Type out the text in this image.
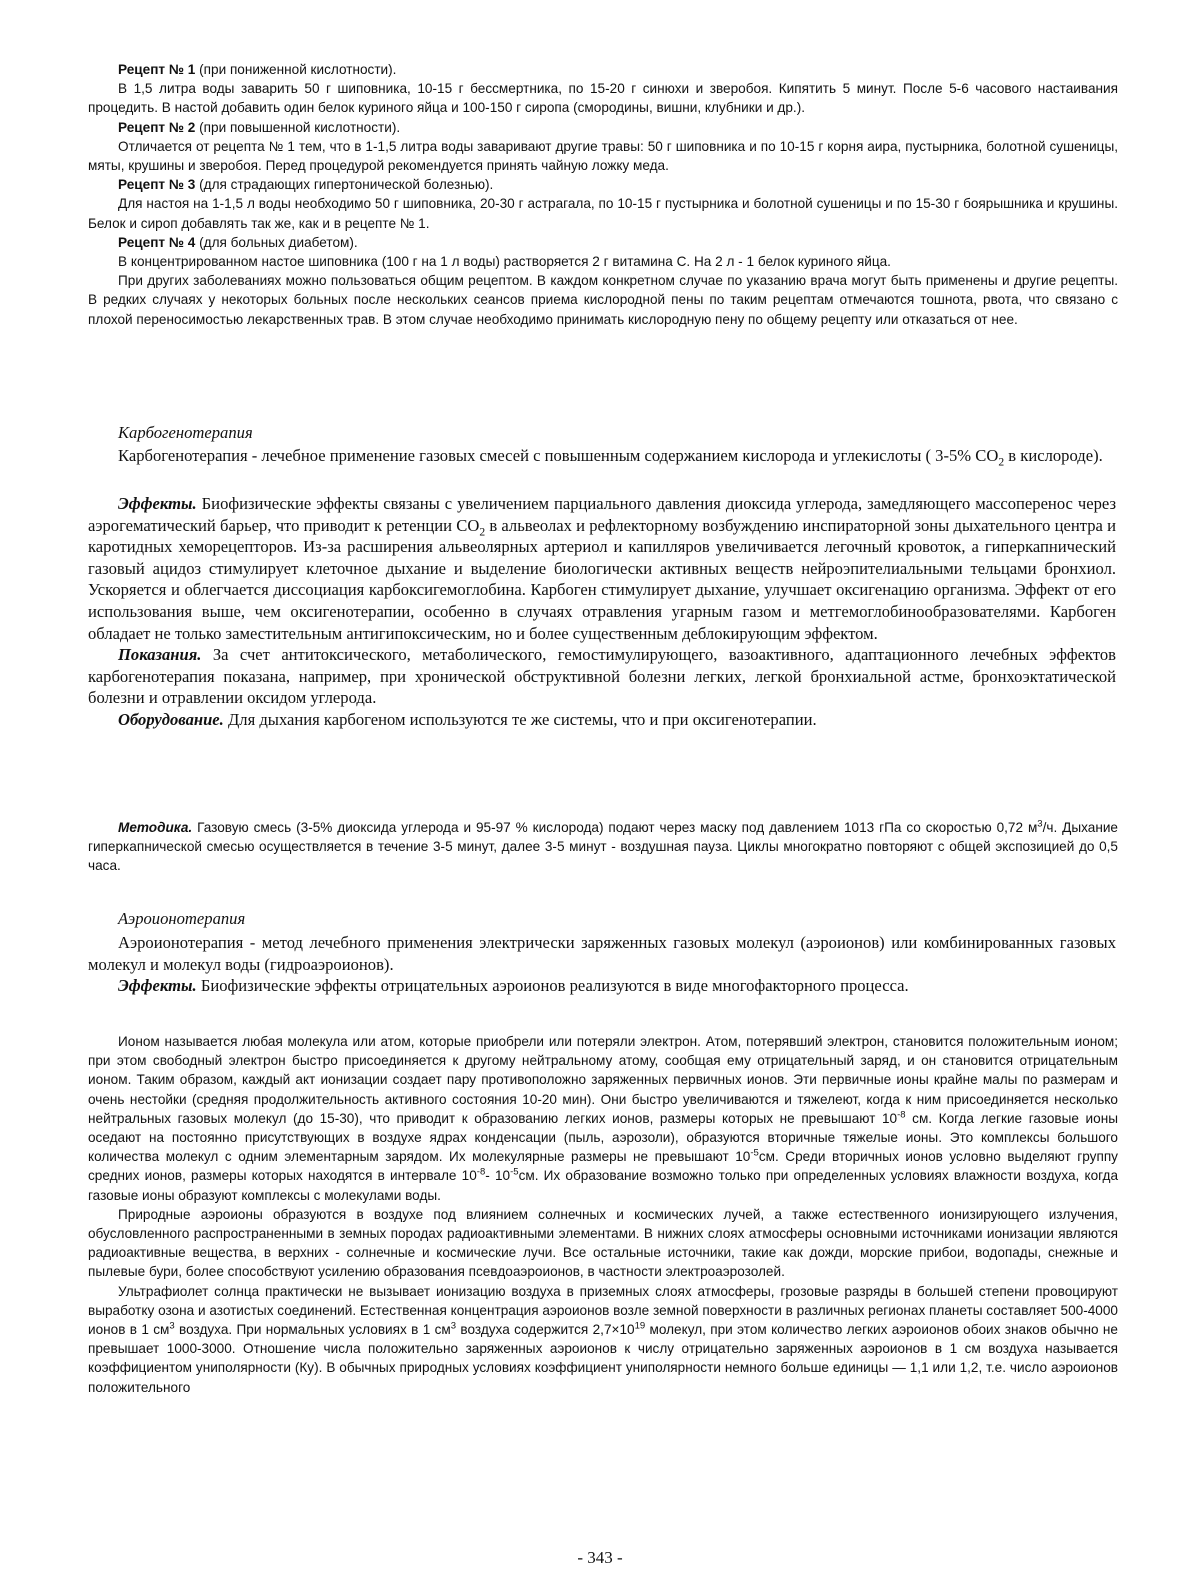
Рецепт № 1 (при пониженной кислотности).

В 1,5 литра воды заварить 50 г шиповника, 10-15 г бессмертника, по 15-20 г синюхи и зверобоя. Кипятить 5 минут. После 5-6 часового настаивания процедить. В настой добавить один белок куриного яйца и 100-150 г сиропа (смородины, вишни, клубники и др.).

Рецепт № 2 (при повышенной кислотности).

Отличается от рецепта № 1 тем, что в 1-1,5 литра воды заваривают другие травы: 50 г шиповника и по 10-15 г корня аира, пустырника, болотной сушеницы, мяты, крушины и зверобоя. Перед процедурой рекомендуется принять чайную ложку меда.

Рецепт № 3 (для страдающих гипертонической болезнью).

Для настоя на 1-1,5 л воды необходимо 50 г шиповника, 20-30 г астрагала, по 10-15 г пустырника и болотной сушеницы и по 15-30 г боярышника и крушины. Белок и сироп добавлять так же, как и в рецепте № 1.

Рецепт № 4 (для больных диабетом).

В концентрированном настое шиповника (100 г на 1 л воды) растворяется 2 г витамина С. На 2 л - 1 белок куриного яйца.

При других заболеваниях можно пользоваться общим рецептом. В каждом конкретном случае по указанию врача могут быть применены и другие рецепты. В редких случаях у некоторых больных после нескольких сеансов приема кислородной пены по таким рецептам отмечаются тошнота, рвота, что связано с плохой переносимостью лекарственных трав. В этом случае необходимо принимать кислородную пену по общему рецепту или отказаться от нее.

Карбогенотерапия

Карбогенотерапия - лечебное применение газовых смесей с повышенным содержанием кислорода и углекислоты ( 3-5% $CO_2$ в кислороде).

Эффекты. Биофизические эффекты связаны с увеличением парциального давления диоксида углерода, замедляющего массоперенос через аэрогематический барьер, что приводит к ретенции $CO_2$ в альвеолах и рефлекторному возбуждению инспираторной зоны дыхательного центра и каротидных хеморецепторов. Из-за расширения альвеолярных артериол и капилляров увеличивается легочный кровоток, а гиперкапнический газовый ацидоз стимулирует клеточное дыхание и выделение биологически активных веществ нейроэпителиальными тельцами бронхиол. Ускоряется и облегчается диссоциация карбоксигемоглобина. Карбоген стимулирует дыхание, улучшает оксигенацию организма. Эффект от его использования выше, чем оксигенотерапии, особенно в случаях отравления угарным газом и метгемоглобинообразователями. Карбоген обладает не только заместительным антигипоксическим, но и более существенным деблокирующим эффектом.

Показания. За счет антитоксического, метаболического, гемостимулирующего, вазоактивного, адаптационного лечебных эффектов карбогенотерапия показана, например, при хронической обструктивной болезни легких, легкой бронхиальной астме, бронхоэктатической болезни и отравлении оксидом углерода.

Оборудование. Для дыхания карбогеном используются те же системы, что и при оксигенотерапии.

Методика. Газовую смесь (3-5% диоксида углерода и 95-97 % кислорода) подают через маску под давлением 1013 гПа со скоростью 0,72 $м^3/ч$. Дыхание гиперкапнической смесью осуществляется в течение 3-5 минут, далее 3-5 минут - воздушная пауза. Циклы многократно повторяют с общей экспозицией до 0,5 часа.

Аэроионотерапия

Аэроионотерапия - метод лечебного применения электрически заряженных газовых молекул (аэроионов) или комбинированных газовых молекул и молекул воды (гидроаэроионов).

Эффекты. Биофизические эффекты отрицательных аэроионов реализуются в виде многофакторного процесса.

Ионом называется любая молекула или атом, которые приобрели или потеряли электрон. Атом, потерявший электрон, становится положительным ионом; при этом свободный электрон быстро присоединяется к другому нейтральному атому, сообщая ему отрицательный заряд, и он становится отрицательным ионом. Таким образом, каждый акт ионизации создает пару противоположно заряженных первичных ионов. Эти первичные ионы крайне малы по размерам и очень нестойки (средняя продолжительность активного состояния 10-20 мин). Они быстро увеличиваются и тяжелеют, когда к ним присоединяется несколько нейтральных газовых молекул (до 15-30), что приводит к образованию легких ионов, размеры которых не превышают $10^{-8}$ см. Когда легкие газовые ионы оседают на постоянно присутствующих в воздухе ядрах конденсации (пыль, аэрозоли), образуются вторичные тяжелые ионы. Это комплексы большого количества молекул с одним элементарным зарядом. Их молекулярные размеры не превышают $10^{-5}см$. Среди вторичных ионов условно выделяют группу средних ионов, размеры которых находятся в интервале $10^{-8}-$ $10^{-5}см$. Их образование возможно только при определенных условиях влажности воздуха, когда газовые ионы образуют комплексы с молекулами воды.

Природные аэроионы образуются в воздухе под влиянием солнечных и космических лучей, а также естественного ионизирующего излучения, обусловленного распространенными в земных породах радиоактивными элементами. В нижних слоях атмосферы основными источниками ионизации являются радиоактивные вещества, в верхних - солнечные и космические лучи. Все остальные источники, такие как дожди, морские прибои, водопады, снежные и пылевые бури, более способствуют усилению образования псевдоаэроионов, в частности электроаэрозолей.

Ультрафиолет солнца практически не вызывает ионизацию воздуха в приземных слоях атмосферы, грозовые разряды в большей степени провоцируют выработку озона и азотистых соединений. Естественная концентрация аэроионов возле земной поверхности в различных регионах планеты составляет 500-4000 ионов в 1 $см^3$ воздуха. При нормальных условиях в 1 $см^3$ воздуха содержится $2,7\times 10^{19}$ молекул, при этом количество легких аэроионов обоих знаков обычно не превышает 1000-3000. Отношение числа положительно заряженных аэроионов к числу отрицательно заряженных аэроионов в 1 см воздуха называется коэффициентом униполярности (Ку). В обычных природных условиях коэффициент униполярности немного больше единицы — 1,1 или 1,2, т.е. число аэроионов положительного

- 343 -
